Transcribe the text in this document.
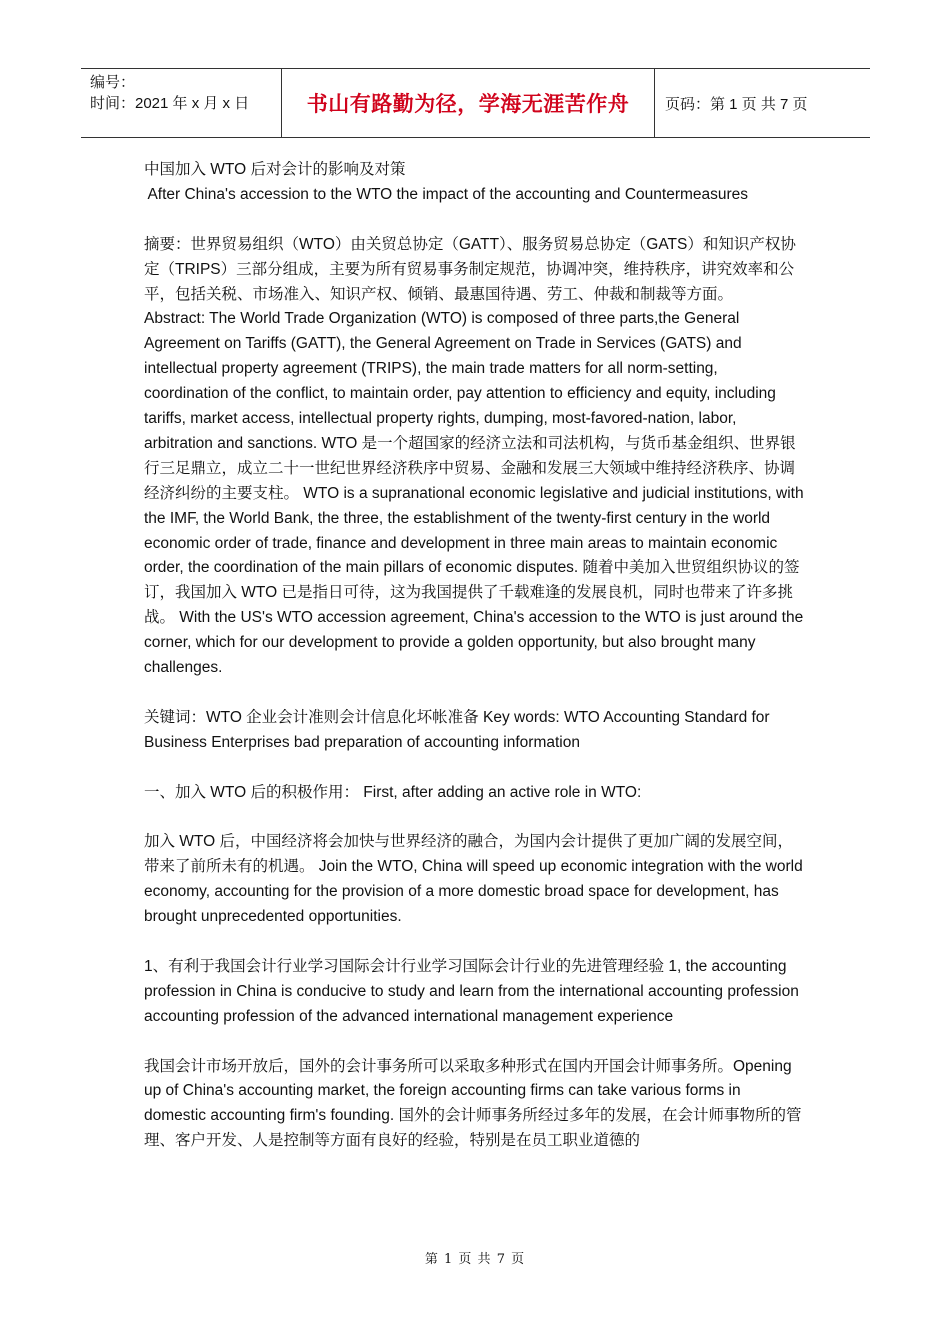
编号：
时间：2021 年 x 月 x 日	书山有路勤为径，学海无涯苦作舟	页码：第 1 页 共 7 页

中国加入 WTO 后对会计的影响及对策

After China's accession to the WTO the impact of the accounting and Countermeasures

摘要：世界贸易组织（WTO）由关贸总协定（GATT）、服务贸易总协定（GATS）和知识产权协定（TRIPS）三部分组成，主要为所有贸易事务制定规范，协调冲突，维持秩序，讲究效率和公平，包括关税、市场准入、知识产权、倾销、最惠国待遇、劳工、仲裁和制裁等方面。

Abstract: The World Trade Organization (WTO) is composed of three parts,the General Agreement on Tariffs (GATT), the General Agreement on Trade in Services (GATS) and intellectual property agreement (TRIPS), the main trade matters for all norm-setting, coordination of the conflict, to maintain order, pay attention to efficiency and equity, including tariffs, market access, intellectual property rights, dumping, most-favored-nation, labor, arbitration and sanctions. WTO 是一个超国家的经济立法和司法机构，与货币基金组织、世界银行三足鼎立，成立二十一世纪世界经济秩序中贸易、金融和发展三大领域中维持经济秩序、协调经济纠纷的主要支柱。 WTO is a supranational economic legislative and judicial institutions, with the IMF, the World Bank, the three, the establishment of the twenty-first century in the world economic order of trade, finance and development in three main areas to maintain economic order, the coordination of the main pillars of economic disputes. 随着中美加入世贸组织协议的签订，我国加入 WTO 已是指日可待，这为我国提供了千载难逢的发展良机，同时也带来了许多挑战。 With the US's WTO accession agreement, China's accession to the WTO is just around the corner, which for our development to provide a golden opportunity, but also brought many challenges.

关键词：WTO 企业会计准则会计信息化坏帐准备 Key words: WTO Accounting Standard for Business Enterprises bad preparation of accounting information

一、加入 WTO 后的积极作用： First, after adding an active role in WTO:

加入 WTO 后，中国经济将会加快与世界经济的融合，为国内会计提供了更加广阔的发展空间，带来了前所未有的机遇。 Join the WTO, China will speed up economic integration with the world economy, accounting for the provision of a more domestic broad space for development, has brought unprecedented opportunities.

1、有利于我国会计行业学习国际会计行业学习国际会计行业的先进管理经验 1, the accounting profession in China is conducive to study and learn from the international accounting profession accounting profession of the advanced international management experience

我国会计市场开放后，国外的会计事务所可以采取多种形式在国内开国会计师事务所。Opening up of China's accounting market, the foreign accounting firms can take various forms in domestic accounting firm's founding. 国外的会计师事务所经过多年的发展，在会计师事物所的管理、客户开发、人是控制等方面有良好的经验，特别是在员工职业道德的

第 1 页 共 7 页
